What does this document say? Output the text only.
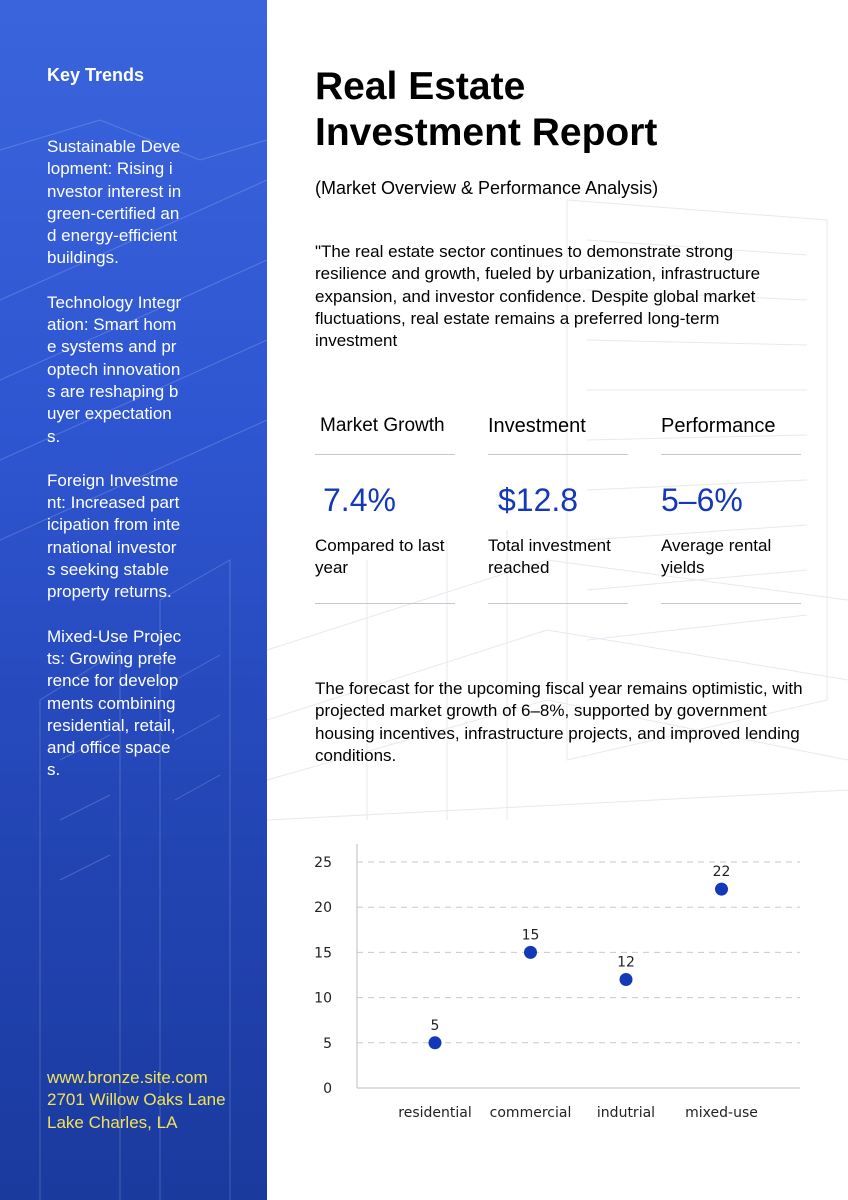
Key Trends
Sustainable Development: Rising investor interest in green-certified and energy-efficient buildings.
Technology Integration: Smart home systems and proptech innovations are reshaping buyer expectations.
Foreign Investment: Increased participation from international investors seeking stable property returns.
Mixed-Use Projects: Growing preference for developments combining residential, retail, and office spaces.
www.bronze.site.com
2701 Willow Oaks Lane
Lake Charles, LA
Real Estate Investment Report
(Market Overview & Performance Analysis)
"The real estate sector continues to demonstrate strong resilience and growth, fueled by urbanization, infrastructure expansion, and investor confidence. Despite global market fluctuations, real estate remains a preferred long-term investment
Market Growth
7.4%
Compared to last year
Investment
$12.8
Total investment reached
Performance
5–6%
Average rental yields
The forecast for the upcoming fiscal year remains optimistic, with projected market growth of 6–8%, supported by government housing incentives, infrastructure projects, and improved lending conditions.
0
5
10
15
20
25
residential
5
commercial
15
indutrial
12
mixed-use
22
